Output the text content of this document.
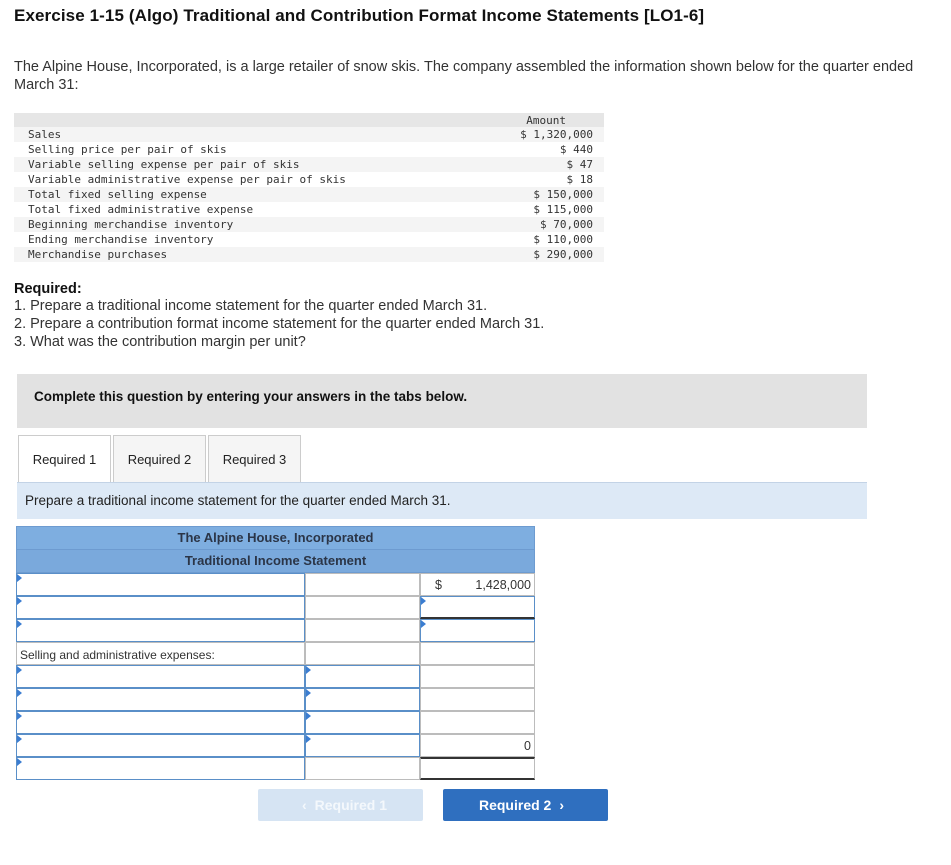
Exercise 1-15 (Algo) Traditional and Contribution Format Income Statements [LO1-6]
The Alpine House, Incorporated, is a large retailer of snow skis. The company assembled the information shown below for the quarter ended March 31:
Amount
Sales	$ 1,320,000
Selling price per pair of skis	$ 440
Variable selling expense per pair of skis	$ 47
Variable administrative expense per pair of skis	$ 18
Total fixed selling expense	$ 150,000
Total fixed administrative expense	$ 115,000
Beginning merchandise inventory	$ 70,000
Ending merchandise inventory	$ 110,000
Merchandise purchases	$ 290,000
Required:
1. Prepare a traditional income statement for the quarter ended March 31.
2. Prepare a contribution format income statement for the quarter ended March 31.
3. What was the contribution margin per unit?
Complete this question by entering your answers in the tabs below.
Required 1	Required 2	Required 3
Prepare a traditional income statement for the quarter ended March 31.
The Alpine House, Incorporated
Traditional Income Statement
$	1,428,000
Selling and administrative expenses:
0
‹ Required 1	Required 2 ›
